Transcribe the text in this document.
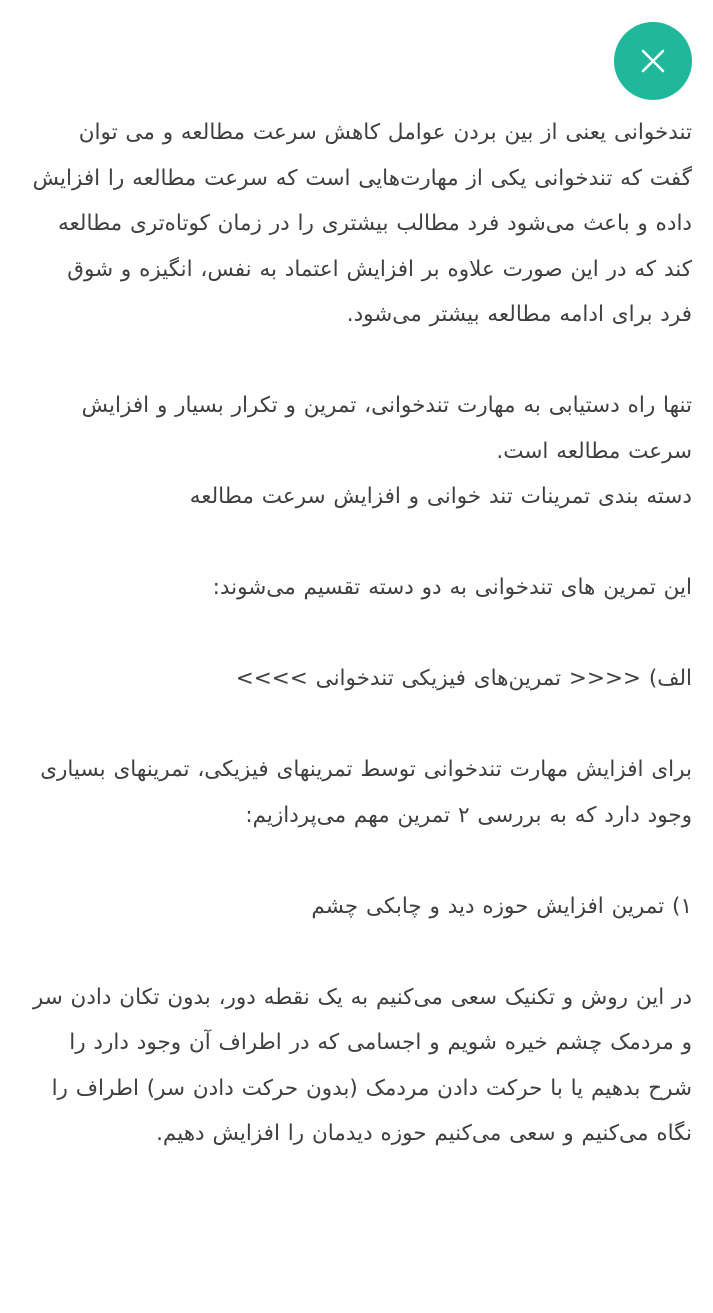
تندخوانی یعنی از بین بردن عوامل کاهش سرعت مطالعه و می توان گفت که تندخوانی یکی از مهارت‌هایی است که سرعت مطالعه را افزایش داده و باعث می‌شود فرد مطالب بیشتری را در زمان کوتاه‌تری مطالعه کند که در این صورت علاوه بر افزایش اعتماد به نفس، انگیزه و شوق فرد برای ادامه مطالعه بیشتر می‌شود.

تنها راه دستیابی به مهارت تندخوانی، تمرین و تکرار بسیار و افزایش سرعت مطالعه است.

دسته بندی تمرینات تند خوانی و افزایش سرعت مطالعه

این تمرین های تندخوانی به دو دسته تقسیم می‌شوند:

الف) <<<< تمرین‌های فیزیکی تندخوانی >>>>

برای افزایش مهارت تندخوانی توسط تمرینهای فیزیکی، تمرینهای بسیاری وجود دارد که به بررسی ۲ تمرین مهم می‌پردازیم:

۱) تمرین افزایش حوزه دید و چابکی چشم

در این روش و تکنیک سعی می‌کنیم به یک نقطه دور، بدون تکان دادن سر و مردمک چشم خیره شویم و اجسامی که در اطراف آن وجود دارد را شرح بدهیم یا با حرکت دادن مردمک (بدون حرکت دادن سر) اطراف را نگاه می‌کنیم و سعی می‌کنیم حوزه دیدمان را افزایش دهیم.
